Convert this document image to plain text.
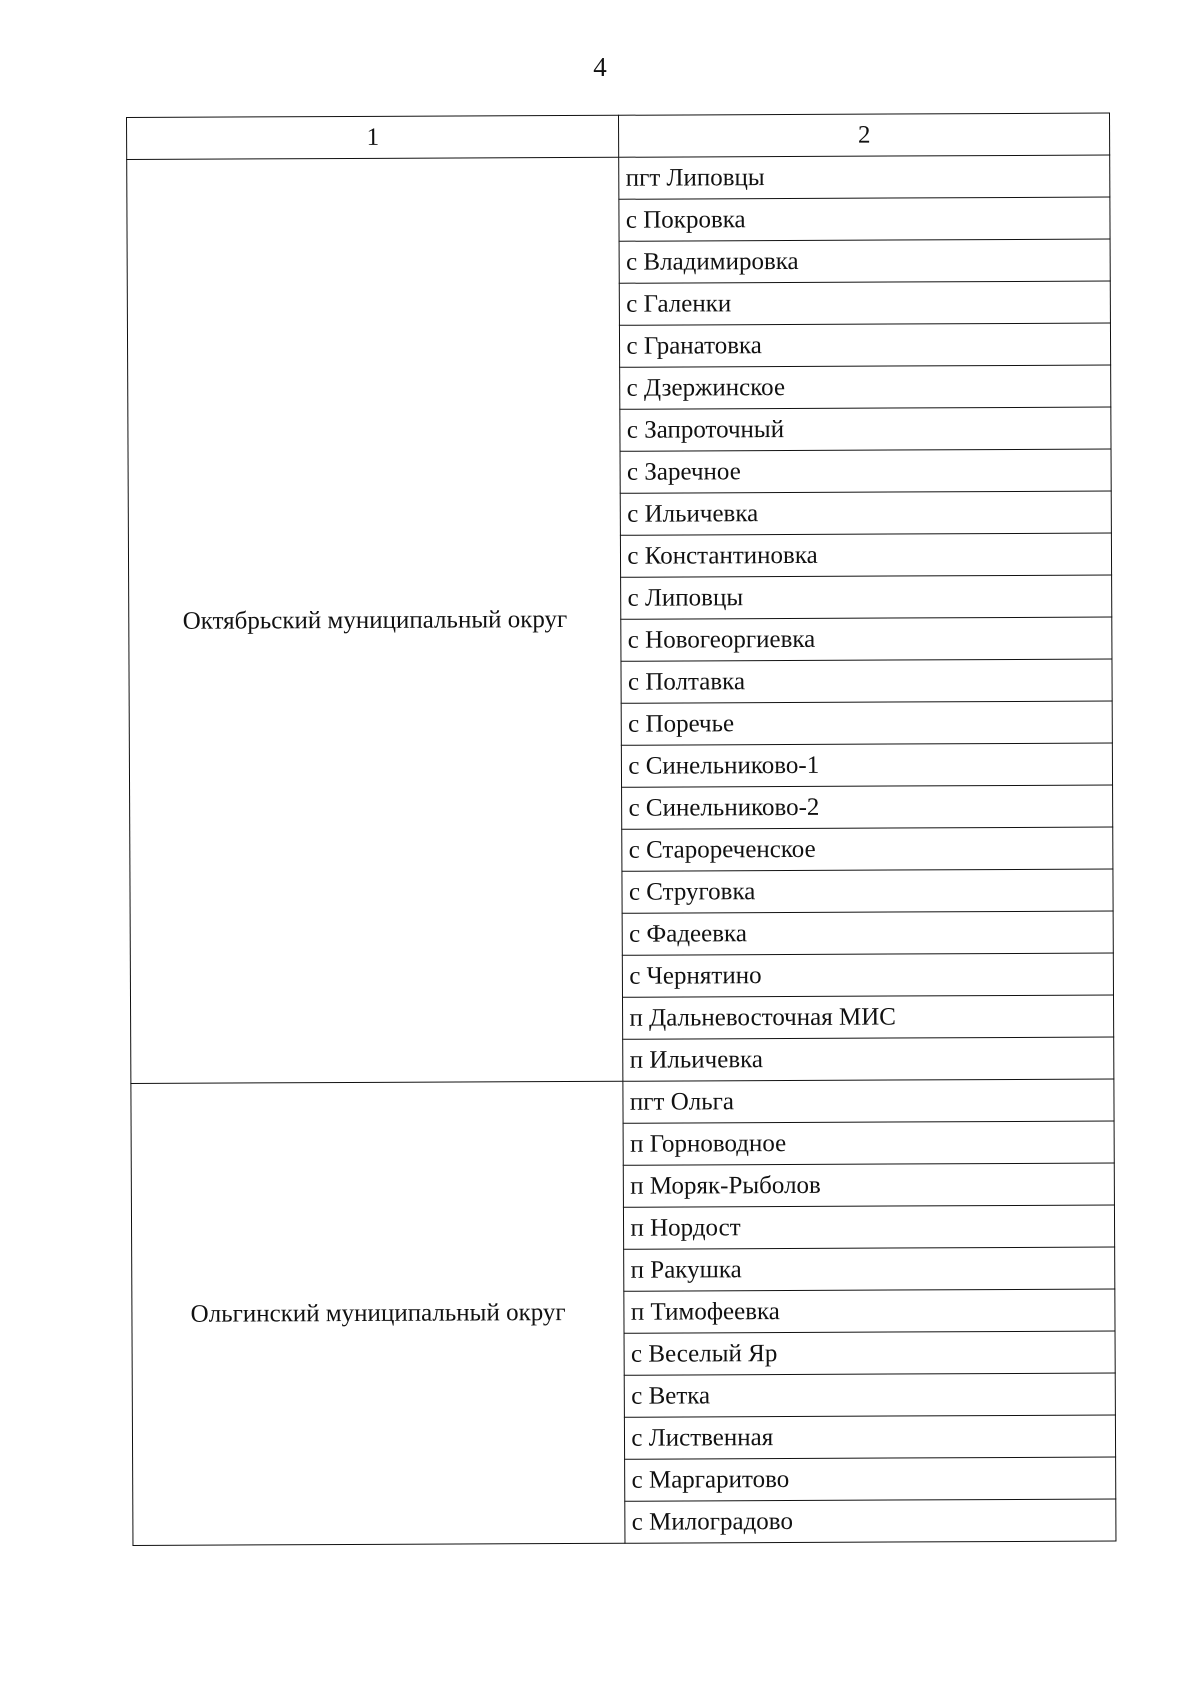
4
1	2
Октябрьский муниципальный округ	пгт Липовцы
	с Покровка
	с Владимировка
	с Галенки
	с Гранатовка
	с Дзержинское
	с Запроточный
	с Заречное
	с Ильичевка
	с Константиновка
	с Липовцы
	с Новогеоргиевка
	с Полтавка
	с Поречье
	с Синельниково-1
	с Синельниково-2
	с Старореченское
	с Струговка
	с Фадеевка
	с Чернятино
	п Дальневосточная МИС
	п Ильичевка
Ольгинский муниципальный округ	пгт Ольга
	п Горноводное
	п Моряк-Рыболов
	п Нордост
	п Ракушка
	п Тимофеевка
	с Веселый Яр
	с Ветка
	с Лиственная
	с Маргаритово
	с Милоградово
